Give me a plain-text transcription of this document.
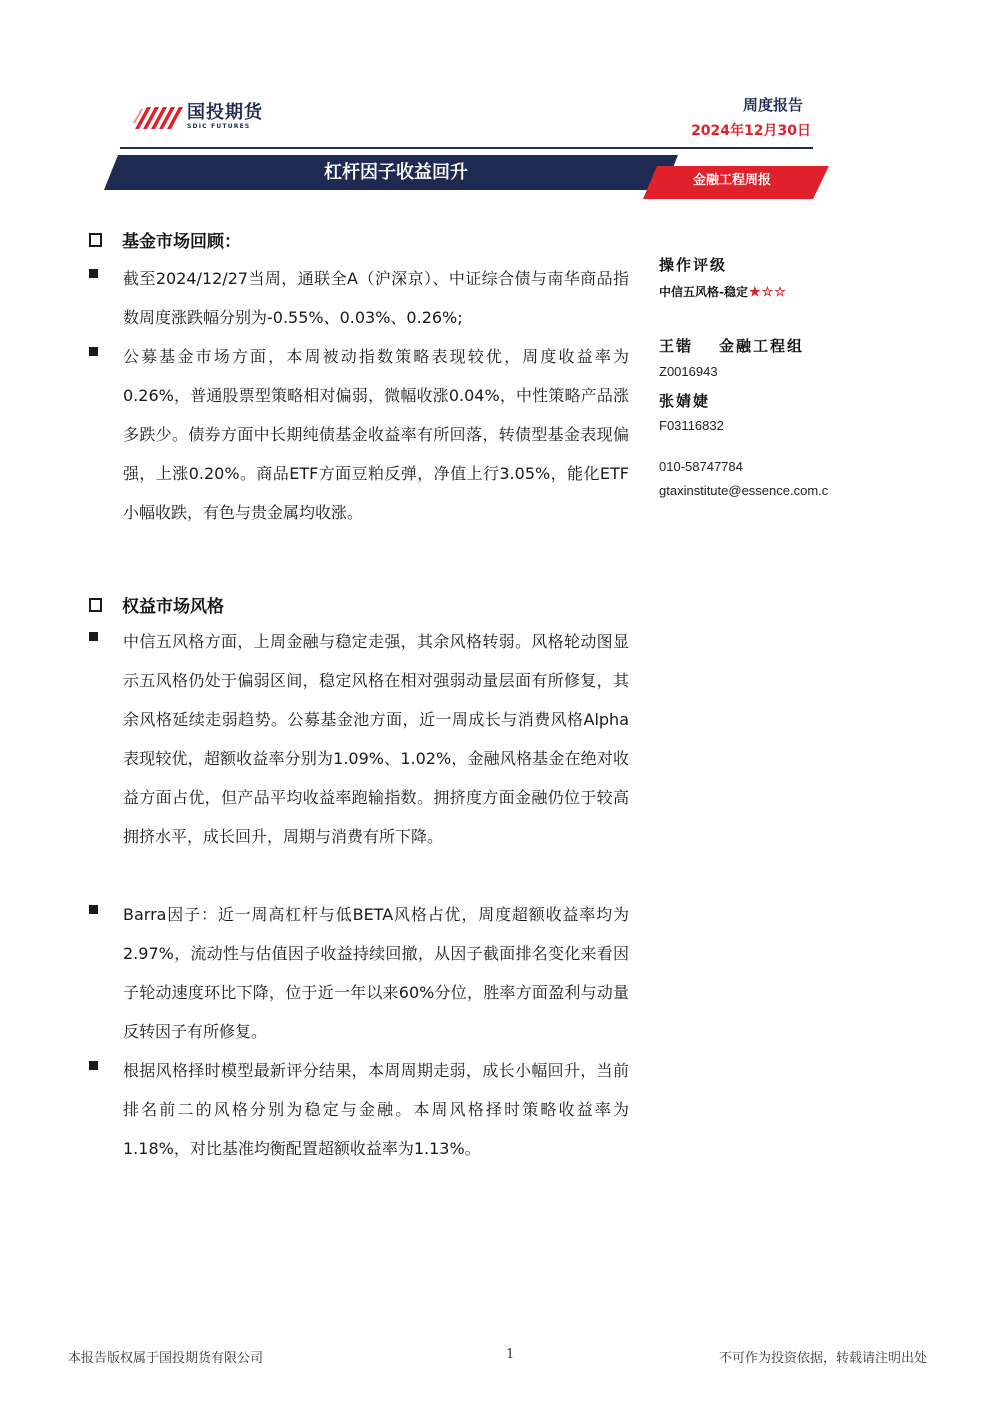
国投期货
SDIC FUTURES
周度报告
2024年12月30日
杠杆因子收益回升	金融工程周报
基金市场回顾：

截至2024/12/27当周，通联全A（沪深京）、中证综合债与南华商品指数周度涨跌幅分别为-0.55%、0.03%、0.26%;

公募基金市场方面，本周被动指数策略表现较优，周度收益率为0.26%，普通股票型策略相对偏弱，微幅收涨0.04%，中性策略产品涨多跌少。债券方面中长期纯债基金收益率有所回落，转债型基金表现偏强，上涨0.20%。商品ETF方面豆粕反弹，净值上行3.05%，能化ETF小幅收跌，有色与贵金属均收涨。

权益市场风格

中信五风格方面，上周金融与稳定走强，其余风格转弱。风格轮动图显示五风格仍处于偏弱区间，稳定风格在相对强弱动量层面有所修复，其余风格延续走弱趋势。公募基金池方面，近一周成长与消费风格Alpha表现较优，超额收益率分别为1.09%、1.02%，金融风格基金在绝对收益方面占优，但产品平均收益率跑输指数。拥挤度方面金融仍位于较高拥挤水平，成长回升，周期与消费有所下降。

Barra因子：近一周高杠杆与低BETA风格占优，周度超额收益率均为2.97%，流动性与估值因子收益持续回撤，从因子截面排名变化来看因子轮动速度环比下降，位于近一年以来60%分位，胜率方面盈利与动量反转因子有所修复。

根据风格择时模型最新评分结果，本周周期走弱，成长小幅回升，当前排名前二的风格分别为稳定与金融。本周风格择时策略收益率为1.18%，对比基准均衡配置超额收益率为1.13%。

操作评级
中信五风格-稳定 ★☆☆
王锴 金融工程组
Z0016943
张婧婕
F03116832
010-58747784
gtaxinstitute@essence.com.c
本报告版权属于国投期货有限公司	1	不可作为投资依据，转载请注明出处
